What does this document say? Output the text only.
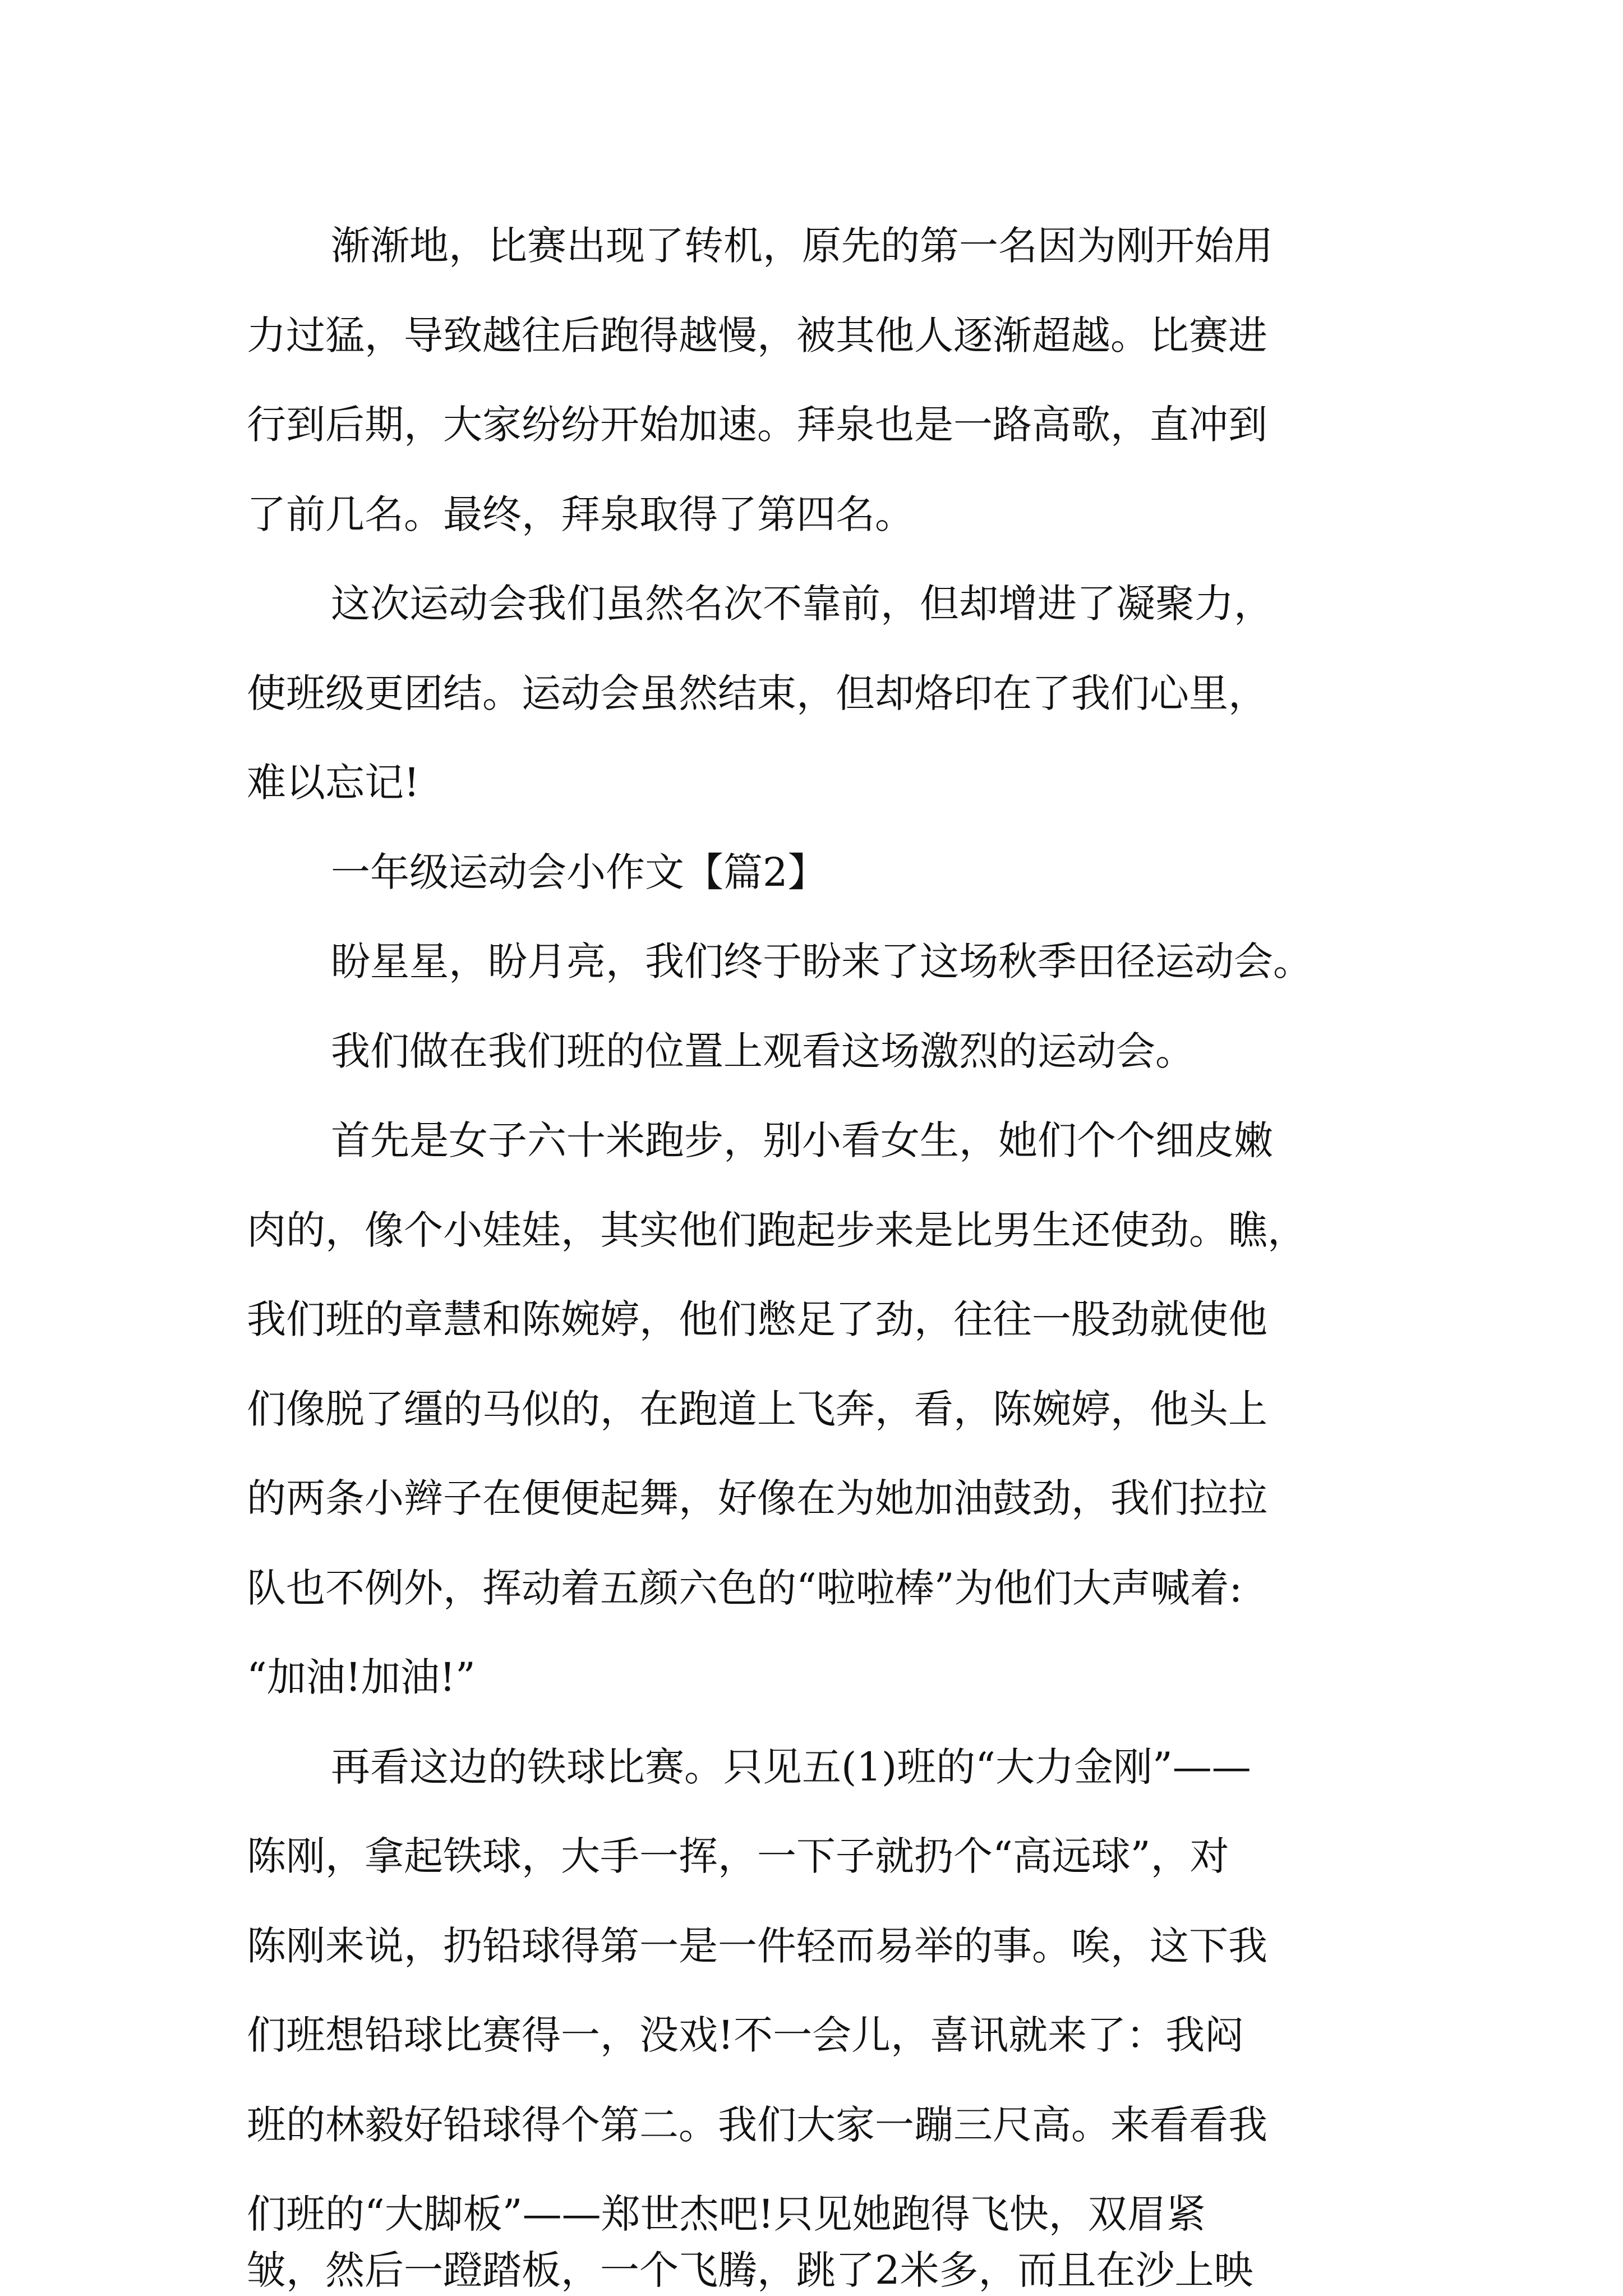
渐渐地，比赛出现了转机，原先的第一名因为刚开始用
力过猛，导致越往后跑得越慢，被其他人逐渐超越。比赛进
行到后期，大家纷纷开始加速。拜泉也是一路高歌，直冲到
了前几名。最终，拜泉取得了第四名。
这次运动会我们虽然名次不靠前，但却增进了凝聚力，
使班级更团结。运动会虽然结束，但却烙印在了我们心里，
难以忘记!
一年级运动会小作文【篇2】
盼星星，盼月亮，我们终于盼来了这场秋季田径运动会。
我们做在我们班的位置上观看这场激烈的运动会。
首先是女子六十米跑步，别小看女生，她们个个细皮嫩
肉的，像个小娃娃，其实他们跑起步来是比男生还使劲。瞧，
我们班的章慧和陈婉婷，他们憋足了劲，往往一股劲就使他
们像脱了缰的马似的，在跑道上飞奔，看，陈婉婷，他头上
的两条小辫子在便便起舞，好像在为她加油鼓劲，我们拉拉
队也不例外，挥动着五颜六色的“啦啦棒”为他们大声喊着:
“加油!加油!”
再看这边的铁球比赛。只见五(1)班的“大力金刚”——
陈刚，拿起铁球，大手一挥，一下子就扔个“高远球”，对
陈刚来说，扔铅球得第一是一件轻而易举的事。唉，这下我
们班想铅球比赛得一，没戏!不一会儿，喜讯就来了：我闷
班的林毅好铅球得个第二。我们大家一蹦三尺高。来看看我
们班的“大脚板”——郑世杰吧!只见她跑得飞快，双眉紧
皱，然后一蹬踏板，一个飞腾，跳了2米多，而且在沙上映
